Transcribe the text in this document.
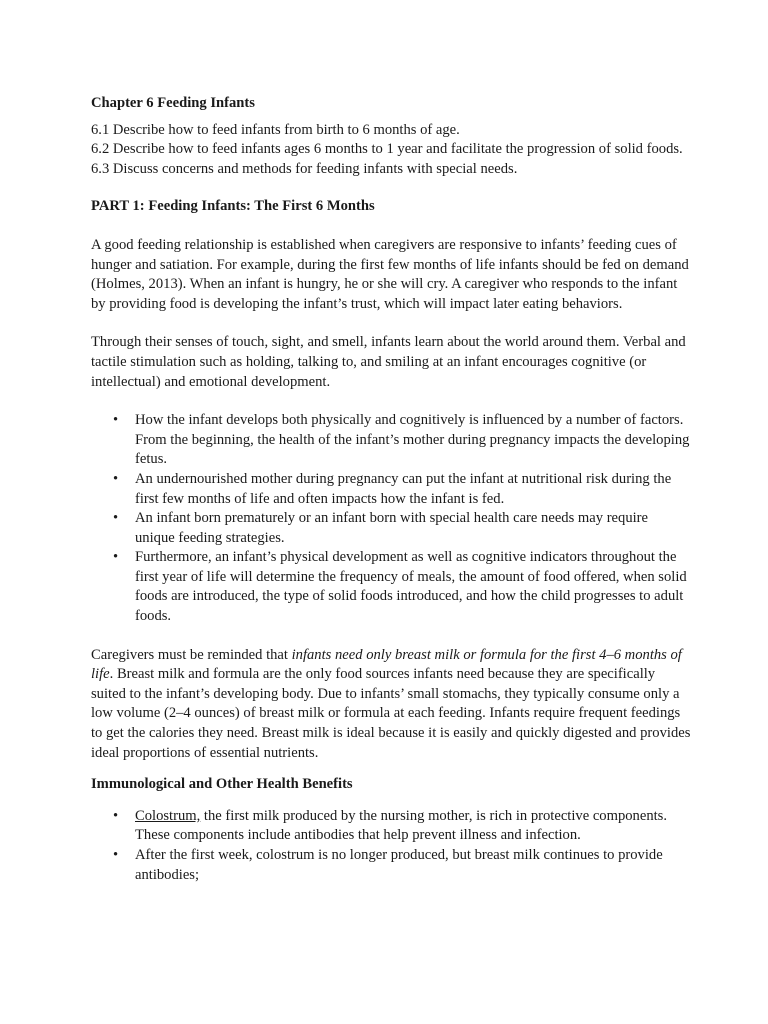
Chapter 6 Feeding Infants
6.1 Describe how to feed infants from birth to 6 months of age.
6.2 Describe how to feed infants ages 6 months to 1 year and facilitate the progression of solid foods.
6.3 Discuss concerns and methods for feeding infants with special needs.
PART 1: Feeding Infants: The First 6 Months

A good feeding relationship is established when caregivers are responsive to infants’ feeding cues of hunger and satiation. For example, during the first few months of life infants should be fed on demand (Holmes, 2013). When an infant is hungry, he or she will cry. A caregiver who responds to the infant by providing food is developing the infant’s trust, which will impact later eating behaviors.

Through their senses of touch, sight, and smell, infants learn about the world around them. Verbal and tactile stimulation such as holding, talking to, and smiling at an infant encourages cognitive (or intellectual) and emotional development.

• How the infant develops both physically and cognitively is influenced by a number of factors. From the beginning, the health of the infant’s mother during pregnancy impacts the developing fetus.
• An undernourished mother during pregnancy can put the infant at nutritional risk during the first few months of life and often impacts how the infant is fed.
• An infant born prematurely or an infant born with special health care needs may require unique feeding strategies.
• Furthermore, an infant’s physical development as well as cognitive indicators throughout the first year of life will determine the frequency of meals, the amount of food offered, when solid foods are introduced, the type of solid foods introduced, and how the child progresses to adult foods.

Caregivers must be reminded that infants need only breast milk or formula for the first 4–6 months of life. Breast milk and formula are the only food sources infants need because they are specifically suited to the infant’s developing body. Due to infants’ small stomachs, they typically consume only a low volume (2–4 ounces) of breast milk or formula at each feeding. Infants require frequent feedings to get the calories they need. Breast milk is ideal because it is easily and quickly digested and provides ideal proportions of essential nutrients.

Immunological and Other Health Benefits
• Colostrum, the first milk produced by the nursing mother, is rich in protective components. These components include antibodies that help prevent illness and infection.
• After the first week, colostrum is no longer produced, but breast milk continues to provide antibodies;
